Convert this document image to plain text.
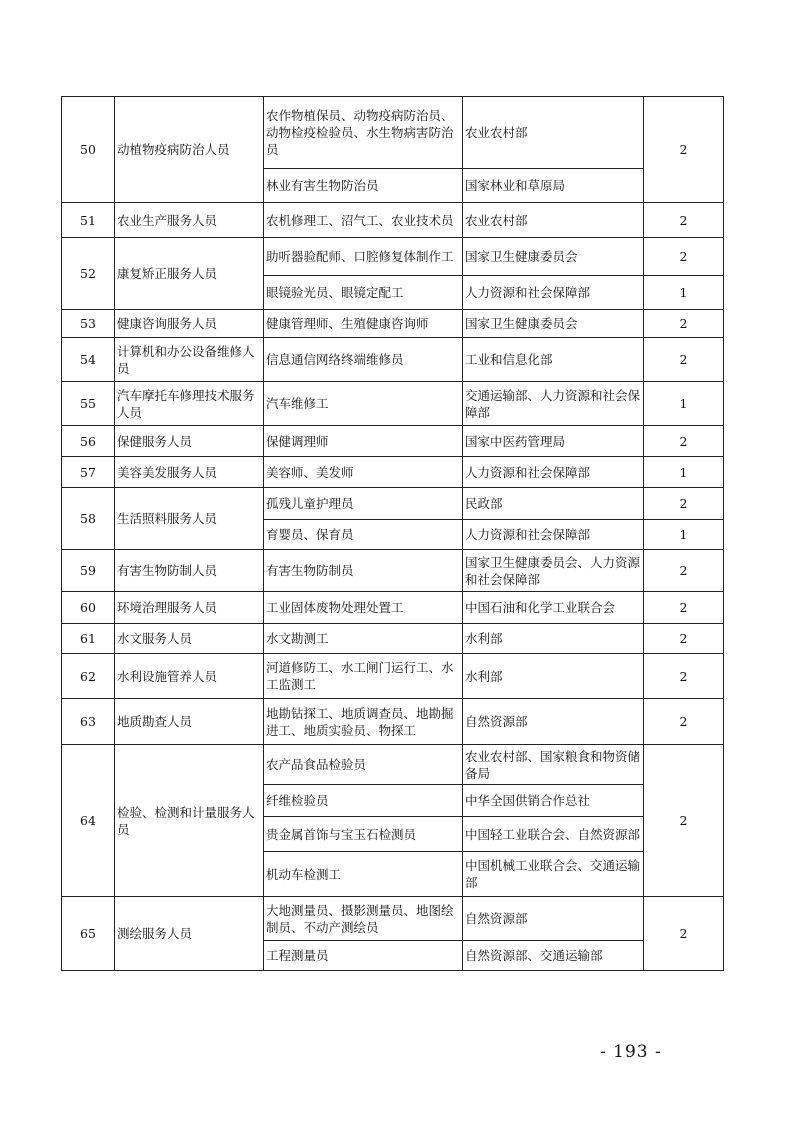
50	动植物疫病防治人员	农作物植保员、动物疫病防治员、动物检疫检验员、水生物病害防治员	农业农村部	2
		林业有害生物防治员	国家林业和草原局	
51	农业生产服务人员	农机修理工、沼气工、农业技术员	农业农村部	2
52	康复矫正服务人员	助听器验配师、口腔修复体制作工	国家卫生健康委员会	2
		眼镜验光员、眼镜定配工	人力资源和社会保障部	1
53	健康咨询服务人员	健康管理师、生殖健康咨询师	国家卫生健康委员会	2
54	计算机和办公设备维修人员	信息通信网络终端维修员	工业和信息化部	2
55	汽车摩托车修理技术服务人员	汽车维修工	交通运输部、人力资源和社会保障部	1
56	保健服务人员	保健调理师	国家中医药管理局	2
57	美容美发服务人员	美容师、美发师	人力资源和社会保障部	1
58	生活照料服务人员	孤残儿童护理员	民政部	2
		育婴员、保育员	人力资源和社会保障部	1
59	有害生物防制人员	有害生物防制员	国家卫生健康委员会、人力资源和社会保障部	2
60	环境治理服务人员	工业固体废物处理处置工	中国石油和化学工业联合会	2
61	水文服务人员	水文勘测工	水利部	2
62	水利设施管养人员	河道修防工、水工闸门运行工、水工监测工	水利部	2
63	地质勘查人员	地勘钻探工、地质调查员、地勘掘进工、地质实验员、物探工	自然资源部	2
64	检验、检测和计量服务人员	农产品食品检验员	农业农村部、国家粮食和物资储备局	2
		纤维检验员	中华全国供销合作总社	
		贵金属首饰与宝玉石检测员	中国轻工业联合会、自然资源部	
		机动车检测工	中国机械工业联合会、交通运输部	
65	测绘服务人员	大地测量员、摄影测量员、地图绘制员、不动产测绘员	自然资源部	2
		工程测量员	自然资源部、交通运输部	
- 193 -
